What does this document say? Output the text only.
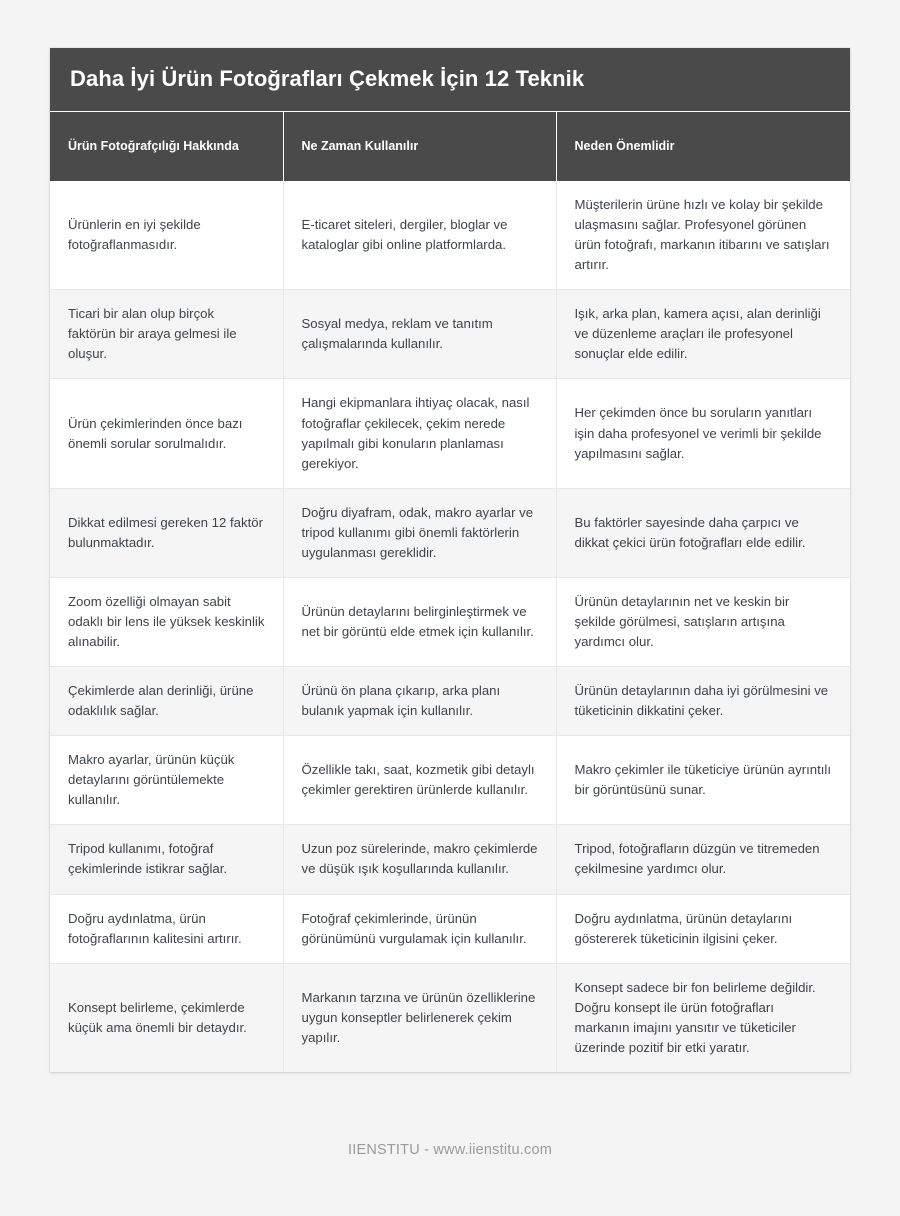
Daha İyi Ürün Fotoğrafları Çekmek İçin 12 Teknik
Ürün Fotoğrafçılığı Hakkında	Ne Zaman Kullanılır	Neden Önemlidir
Ürünlerin en iyi şekilde fotoğraflanmasıdır.	E-ticaret siteleri, dergiler, bloglar ve kataloglar gibi online platformlarda.	Müşterilerin ürüne hızlı ve kolay bir şekilde ulaşmasını sağlar. Profesyonel görünen ürün fotoğrafı, markanın itibarını ve satışları artırır.
Ticari bir alan olup birçok faktörün bir araya gelmesi ile oluşur.	Sosyal medya, reklam ve tanıtım çalışmalarında kullanılır.	Işık, arka plan, kamera açısı, alan derinliği ve düzenleme araçları ile profesyonel sonuçlar elde edilir.
Ürün çekimlerinden önce bazı önemli sorular sorulmalıdır.	Hangi ekipmanlara ihtiyaç olacak, nasıl fotoğraflar çekilecek, çekim nerede yapılmalı gibi konuların planlaması gerekiyor.	Her çekimden önce bu soruların yanıtları işin daha profesyonel ve verimli bir şekilde yapılmasını sağlar.
Dikkat edilmesi gereken 12 faktör bulunmaktadır.	Doğru diyafram, odak, makro ayarlar ve tripod kullanımı gibi önemli faktörlerin uygulanması gereklidir.	Bu faktörler sayesinde daha çarpıcı ve dikkat çekici ürün fotoğrafları elde edilir.
Zoom özelliği olmayan sabit odaklı bir lens ile yüksek keskinlik alınabilir.	Ürünün detaylarını belirginleştirmek ve net bir görüntü elde etmek için kullanılır.	Ürünün detaylarının net ve keskin bir şekilde görülmesi, satışların artışına yardımcı olur.
Çekimlerde alan derinliği, ürüne odaklılık sağlar.	Ürünü ön plana çıkarıp, arka planı bulanık yapmak için kullanılır.	Ürünün detaylarının daha iyi görülmesini ve tüketicinin dikkatini çeker.
Makro ayarlar, ürünün küçük detaylarını görüntülemekte kullanılır.	Özellikle takı, saat, kozmetik gibi detaylı çekimler gerektiren ürünlerde kullanılır.	Makro çekimler ile tüketiciye ürünün ayrıntılı bir görüntüsünü sunar.
Tripod kullanımı, fotoğraf çekimlerinde istikrar sağlar.	Uzun poz sürelerinde, makro çekimlerde ve düşük ışık koşullarında kullanılır.	Tripod, fotoğrafların düzgün ve titremeden çekilmesine yardımcı olur.
Doğru aydınlatma, ürün fotoğraflarının kalitesini artırır.	Fotoğraf çekimlerinde, ürünün görünümünü vurgulamak için kullanılır.	Doğru aydınlatma, ürünün detaylarını göstererek tüketicinin ilgisini çeker.
Konsept belirleme, çekimlerde küçük ama önemli bir detaydır.	Markanın tarzına ve ürünün özelliklerine uygun konseptler belirlenerek çekim yapılır.	Konsept sadece bir fon belirleme değildir. Doğru konsept ile ürün fotoğrafları markanın imajını yansıtır ve tüketiciler üzerinde pozitif bir etki yaratır.
IIENSTITU - www.iienstitu.com
